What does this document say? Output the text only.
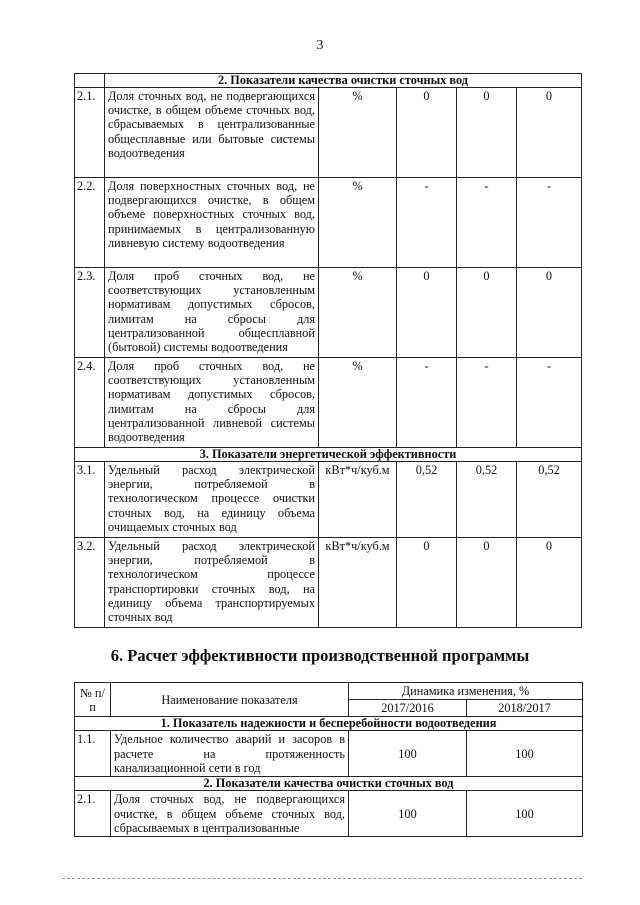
3
	2. Показатели качества очистки сточных вод				
2.1.	Доля сточных вод, не подвергающихся очистке, в общем объеме сточных вод, сбрасываемых в централизованные общесплавные или бытовые системы водоотведения	%	0	0	0
2.2.	Доля поверхностных сточных вод, не подвергающихся очистке, в общем объеме поверхностных сточных вод, принимаемых в централизованную ливневую систему водоотведения	%	-	-	-
2.3.	Доля проб сточных вод, не соответствующих установленным нормативам допустимых сбросов, лимитам на сбросы для централизованной общесплавной (бытовой) системы водоотведения	%	0	0	0
2.4.	Доля проб сточных вод, не соответствующих установленным нормативам допустимых сбросов, лимитам на сбросы для централизованной ливневой системы водоотведения	%	-	-	-
3. Показатели энергетической эффективности					
3.1.	Удельный расход электрической энергии, потребляемой в технологическом процессе очистки сточных вод, на единицу объема очищаемых сточных вод	кВт*ч/куб.м	0,52	0,52	0,52
3.2.	Удельный расход электрической энергии, потребляемой в технологическом процессе транспортировки сточных вод, на единицу объема транспортируемых сточных вод	кВт*ч/куб.м	0	0	0
6. Расчет эффективности производственной программы
№ п/п	Наименование показателя	Динамика изменения, %	
		2017/2016	2018/2017
1. Показатель надежности и бесперебойности водоотведения			
1.1.	Удельное количество аварий и засоров в расчете на протяженность канализационной сети в год	100	100
2. Показатели качества очистки сточных вод			
2.1.	Доля сточных вод, не подвергающихся очистке, в общем объеме сточных вод, сбрасываемых в централизованные	100	100
